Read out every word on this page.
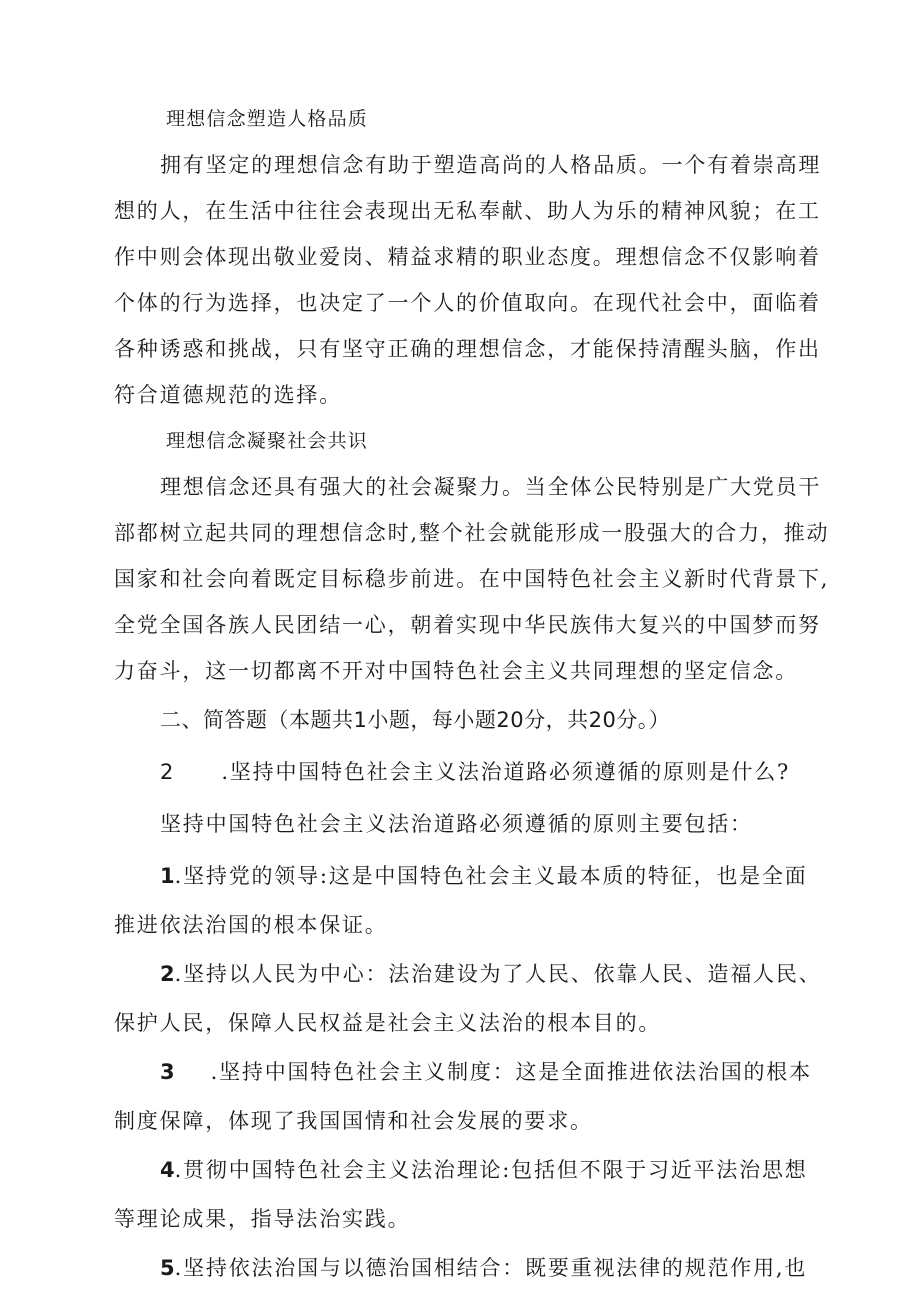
理想信念塑造人格品质
拥有坚定的理想信念有助于塑造高尚的人格品质。一个有着崇高理
想的人，在生活中往往会表现出无私奉献、助人为乐的精神风貌；在工
作中则会体现出敬业爱岗、精益求精的职业态度。理想信念不仅影响着
个体的行为选择，也决定了一个人的价值取向。在现代社会中，面临着
各种诱惑和挑战，只有坚守正确的理想信念，才能保持清醒头脑，作出
符合道德规范的选择。
理想信念凝聚社会共识
理想信念还具有强大的社会凝聚力。当全体公民特别是广大党员干
部都树立起共同的理想信念时,整个社会就能形成一股强大的合力，推动
国家和社会向着既定目标稳步前进。在中国特色社会主义新时代背景下,
全党全国各族人民团结一心，朝着实现中华民族伟大复兴的中国梦而努
力奋斗，这一切都离不开对中国特色社会主义共同理想的坚定信念。
二、简答题（本题共1小题，每小题20分，共20分。）
2 .坚持中国特色社会主义法治道路必须遵循的原则是什么?
坚持中国特色社会主义法治道路必须遵循的原则主要包括：
1.坚持党的领导:这是中国特色社会主义最本质的特征，也是全面
推进依法治国的根本保证。
2.坚持以人民为中心：法治建设为了人民、依靠人民、造福人民、
保护人民，保障人民权益是社会主义法治的根本目的。
3 .坚持中国特色社会主义制度：这是全面推进依法治国的根本
制度保障，体现了我国国情和社会发展的要求。
4.贯彻中国特色社会主义法治理论:包括但不限于习近平法治思想
等理论成果，指导法治实践。
5.坚持依法治国与以德治国相结合：既要重视法律的规范作用,也
